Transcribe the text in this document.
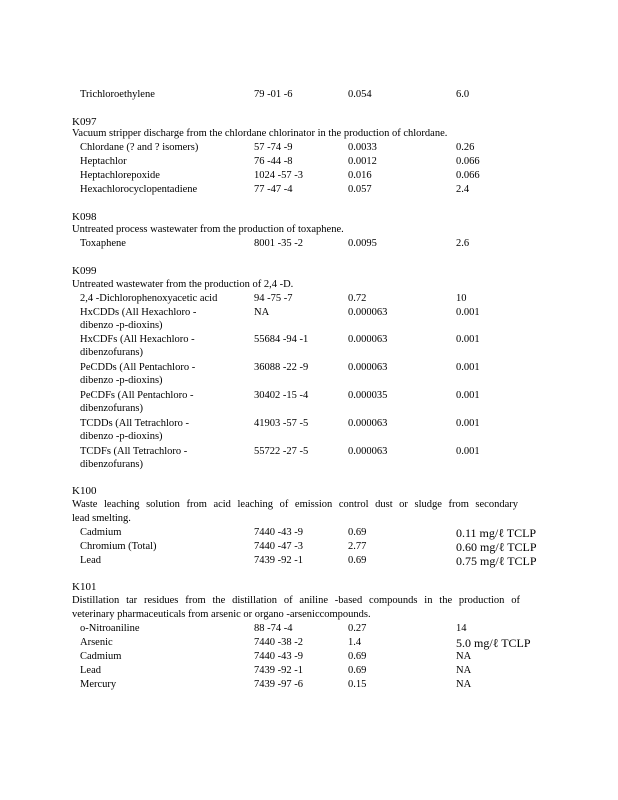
Trichloroethylene	79 -01 -6	0.054	6.0
K097
Vacuum stripper discharge from the chlordane chlorinator in the production of chlordane.
Chlordane (? and ? isomers)	57 -74 -9	0.0033	0.26
Heptachlor	76 -44 -8	0.0012	0.066
Heptachlorepoxide	1024 -57 -3	0.016	0.066
Hexachlorocyclopentadiene	77 -47 -4	0.057	2.4
K098
Untreated process wastewater from the production of toxaphene.
Toxaphene	8001 -35 -2	0.0095	2.6
K099
Untreated wastewater from the production of 2,4 -D.
2,4 -Dichlorophenoxyacetic acid	94 -75 -7	0.72	10
HxCDDs (All Hexachloro -	NA	0.000063	0.001
dibenzo -p-dioxins)
HxCDFs (All Hexachloro -	55684 -94 -1	0.000063	0.001
dibenzofurans)
PeCDDs (All Pentachloro -	36088 -22 -9	0.000063	0.001
dibenzo -p-dioxins)
PeCDFs (All Pentachloro -	30402 -15 -4	0.000035	0.001
dibenzofurans)
TCDDs (All Tetrachloro -	41903 -57 -5	0.000063	0.001
dibenzo -p-dioxins)
TCDFs (All Tetrachloro -	55722 -27 -5	0.000063	0.001
dibenzofurans)
K100
Waste leaching solution from acid leaching of emission control dust or sludge from secondary
lead smelting.
Cadmium	7440 -43 -9	0.69	0.11 mg/ℓ TCLP
Chromium (Total)	7440 -47 -3	2.77	0.60 mg/ℓ TCLP
Lead	7439 -92 -1	0.69	0.75 mg/ℓ TCLP
K101
Distillation tar residues from the distillation of aniline -based compounds in the production of
veterinary pharmaceuticals from arsenic or organo -arseniccompounds.
o-Nitroaniline	88 -74 -4	0.27	14
Arsenic	7440 -38 -2	1.4	5.0 mg/ℓ TCLP
Cadmium	7440 -43 -9	0.69	NA
Lead	7439 -92 -1	0.69	NA
Mercury	7439 -97 -6	0.15	NA
